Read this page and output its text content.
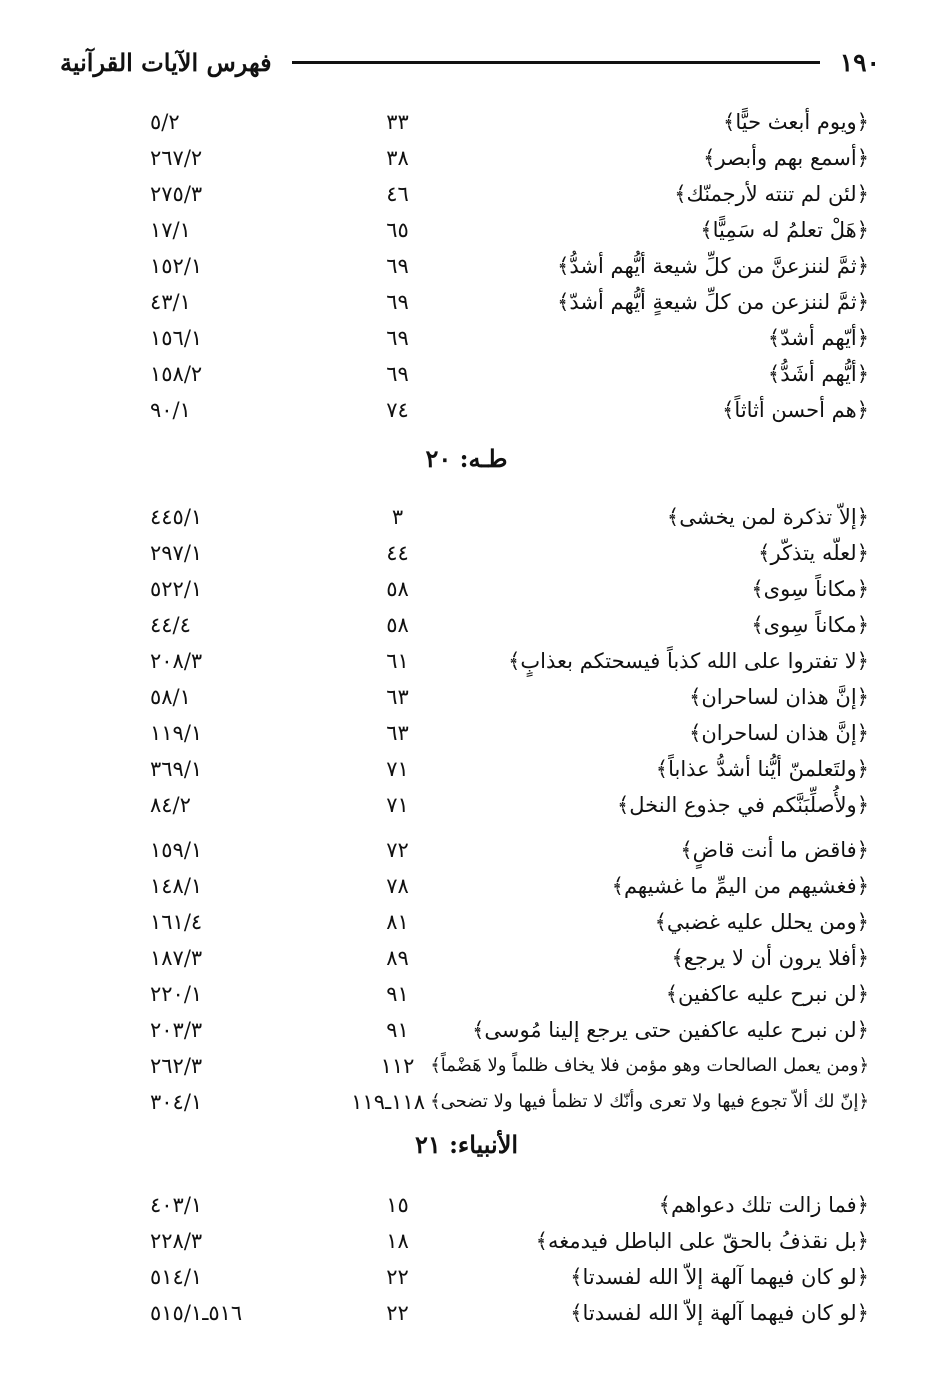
١٩٠
فهرس الآيات القرآنية
﴿ويوم أبعث حيًّا﴾
٣٣
٥/٢
﴿أسمع بهم وأبصر﴾
٣٨
٢٦٧/٢
﴿لئن لم تنته لأرجمنّك﴾
٤٦
٢٧٥/٣
﴿هَلْ تعلمُ له سَمِيًّا﴾
٦٥
١٧/١
﴿ثمَّ لننزعنَّ من كلِّ شيعة أيُّهم أشدُّ﴾
٦٩
١٥٢/١
﴿ثمَّ لننزعن من كلِّ شيعةٍ أيُّهم أشدّ﴾
٦٩
٤٣/١
﴿أيّهم أشدّ﴾
٦٩
١٥٦/١
﴿أيُّهم أشَدُّ﴾
٦٩
١٥٨/٢
﴿هم أحسن أثاثاً﴾
٧٤
٩٠/١
طـه: ٢٠
﴿إلاّ تذكرة لمن يخشى﴾
٣
٤٤٥/١
﴿لعلّه يتذكّر﴾
٤٤
٢٩٧/١
﴿مكاناً سِوى﴾
٥٨
٥٢٢/١
﴿مكاناً سِوى﴾
٥٨
٤٤/٤
﴿لا تفتروا على الله كذباً فيسحتكم بعذابٍ﴾
٦١
٢٠٨/٣
﴿إنَّ هذان لساحران﴾
٦٣
٥٨/١
﴿إنَّ هذان لساحران﴾
٦٣
١١٩/١
﴿ولتَعلمنّ أيُّنا أشدُّ عذاباً﴾
٧١
٣٦٩/١
﴿ولأُصلِّبَنَّكم في جذوع النخل﴾
٧١
٨٤/٢
﴿فاقض ما أنت قاضٍ﴾
٧٢
١٥٩/١
﴿فغشيهم من اليمِّ ما غشيهم﴾
٧٨
١٤٨/١
﴿ومن يحلل عليه غضبي﴾
٨١
١٦١/٤
﴿أفلا يرون أن لا يرجع﴾
٨٩
١٨٧/٣
﴿لن نبرح عليه عاكفين﴾
٩١
٢٢٠/١
﴿لن نبرح عليه عاكفين حتى يرجع إلينا مُوسى﴾
٩١
٢٠٣/٣
﴿ومن يعمل الصالحات وهو مؤمن فلا يخاف ظلماً ولا هَضْماً﴾
١١٢
٢٦٢/٣
﴿إنّ لك ألاّ تجوع فيها ولا تعرى وأنّك لا تظمأ فيها ولا تضحى﴾
١١٨ـ١١٩
٣٠٤/١
الأنبياء: ٢١
﴿فما زالت تلك دعواهم﴾
١٥
٤٠٣/١
﴿بل نقذفُ بالحقّ على الباطل فيدمغه﴾
١٨
٢٢٨/٣
﴿لو كان فيهما آلهة إلاّ الله لفسدتا﴾
٢٢
٥١٤/١
﴿لو كان فيهما آلهة إلاّ الله لفسدتا﴾
٢٢
٥١٦ـ٥١٥/١
